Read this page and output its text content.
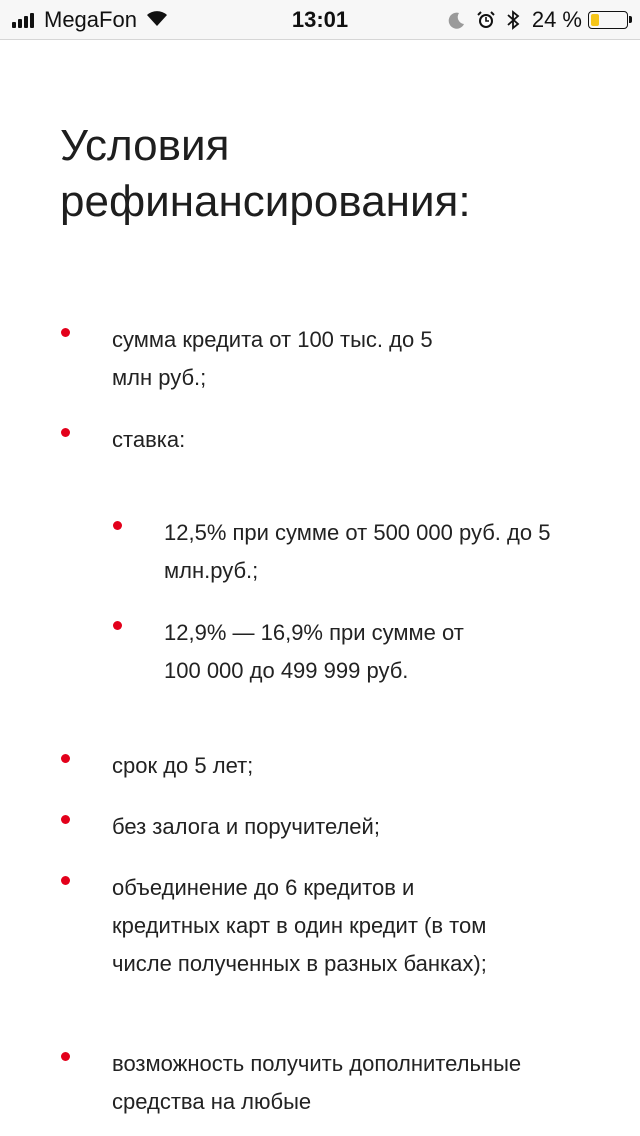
MegaFon	13:01	24 %
Условия рефинансирования:
сумма кредита от 100 тыс. до 5 млн руб.;
ставка:
12,5% при сумме от 500 000 руб. до 5 млн.руб.;
12,9% — 16,9% при сумме от 100 000 до 499 999 руб.
срок до 5 лет;
без залога и поручителей;
объединение до 6 кредитов и кредитных карт в один кредит (в том числе полученных в разных банках);
возможность получить дополнительные средства на любые
